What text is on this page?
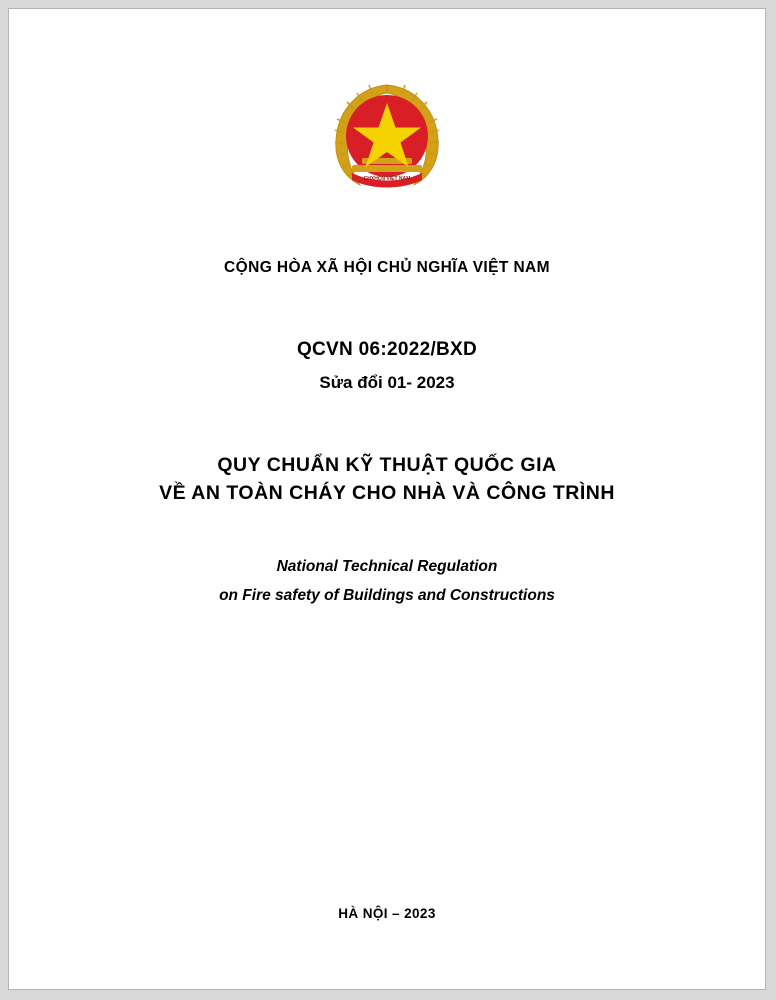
CHXHCN VIỆT NAM
CỘNG HÒA XÃ HỘI CHỦ NGHĨA VIỆT NAM
QCVN 06:2022/BXD
Sửa đổi 01- 2023
QUY CHUẨN KỸ THUẬT QUỐC GIA
VỀ AN TOÀN CHÁY CHO NHÀ VÀ CÔNG TRÌNH
National Technical Regulation
on Fire safety of Buildings and Constructions
HÀ NỘI – 2023
